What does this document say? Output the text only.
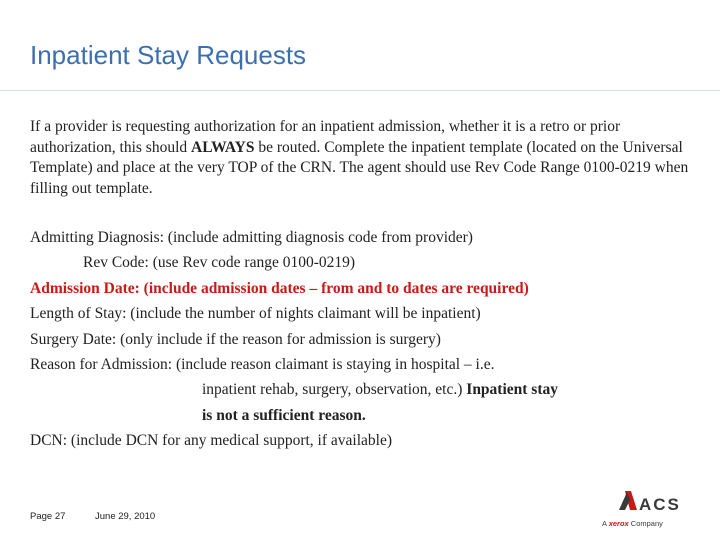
Inpatient Stay Requests
If a provider is requesting authorization for an inpatient admission, whether it is a retro or prior authorization, this should ALWAYS be routed. Complete the inpatient template (located on the Universal Template) and place at the very TOP of the CRN. The agent should use Rev Code Range 0100-0219 when filling out template.
Admitting Diagnosis: (include admitting diagnosis code from provider)
Rev Code: (use Rev code range 0100-0219)
Admission Date: (include admission dates – from and to dates are required)
Length of Stay: (include the number of nights claimant will be inpatient)
Surgery Date: (only include if the reason for admission is surgery)
Reason for Admission: (include reason claimant is staying in hospital – i.e.
inpatient rehab, surgery, observation, etc.) Inpatient stay
is not a sufficient reason.
DCN: (include DCN for any medical support, if available)
Page 27	June 29, 2010
ACS
A xerox Company
